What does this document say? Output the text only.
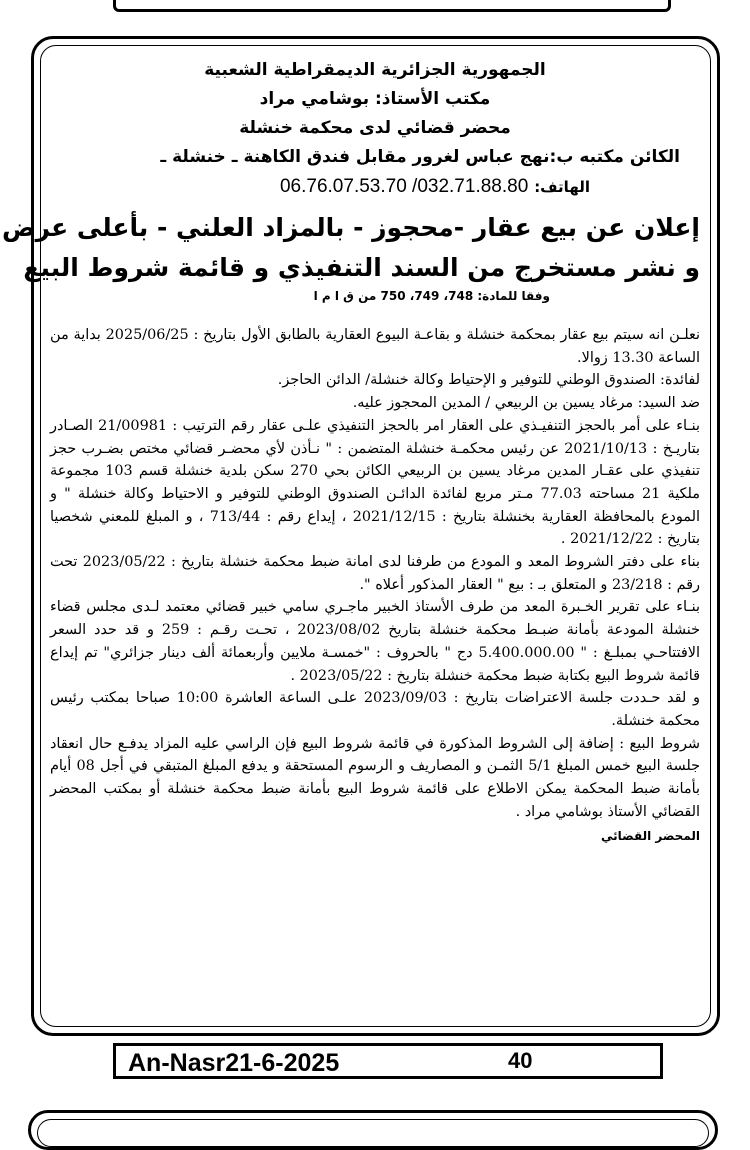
الجمهورية الجزائرية الديمقراطية الشعبية

مكتب الأستاذ: بوشامي مراد

محضر قضائي لدى محكمة خنشلة

الكائن مكتبه ب:نهج عباس لغرور مقابل فندق الكاهنة ـ خنشلة ـ

الهاتف: 06.76.07.53.70 /032.71.88.80

إعلان عن بيع عقار -محجوز - بالمزاد العلني - بأعلى عرض

و نشر مستخرج من السند التنفيذي و قائمة شروط البيع

وفقا للمادة: 748، 749، 750 من ق ا م ا

نعلـن انه سيتم بيع عقار بمحكمة خنشلة و بقاعـة البيوع العقارية بالطابق الأول بتاريخ : 2025/06/25 بداية من الساعة 13.30 زوالا.

لفائدة: الصندوق الوطني للتوفير و الإحتياط وكالة خنشلة/ الدائن الحاجز.

ضد السيد: مرغاد يسين بن الربيعي / المدين المحجوز عليه.

بنـاء على أمر بالحجز التنفيـذي على العقار امر بالحجز التنفيذي علـى عقار رقم الترتيب : 21/00981 الصـادر بتاريـخ : 2021/10/13 عن رئيس محكمـة خنشلة المتضمن : " نـأذن لأي محضـر قضائي مختص بضـرب حجز تنفيذي على عقـار المدين مرغاد يسين بن الربيعي الكائن بحي 270 سكن بلدية خنشلة قسم 103 مجموعة ملكية 21 مساحته 77.03 مـتر مربع لفائدة الدائـن الصندوق الوطني للتوفير و الاحتياط وكالة خنشلة " و المودع بالمحافظة العقارية بخنشلة بتاريخ : 2021/12/15 ، إيداع رقم : 713/44 ، و المبلغ للمعني شخصيا بتاريخ : 2021/12/22 .

بناء على دفتر الشروط المعد و المودع من طرفنا لدى امانة ضبط محكمة خنشلة بتاريخ : 2023/05/22 تحت رقم : 23/218 و المتعلق بـ : بيع " العقار المذكور أعلاه ".

بنـاء على تقرير الخـبرة المعد من طرف الأستاذ الخبير ماجـري سامي خبير قضائي معتمد لـدى مجلس قضاء خنشلة المودعة بأمانة ضبـط محكمة خنشلة بتاريخ 2023/08/02 ، تحـت رقـم : 259 و قد حدد السعر الافتتاحـي بمبلـغ : " 5.400.000.00 دج " بالحروف : "خمسـة ملايين وأربعمائة ألف دينار جزائري" تم إيداع قائمة شروط البيع بكتابة ضبط محكمة خنشلة بتاريخ : 2023/05/22 .

و لقد حـددت جلسة الاعتراضات بتاريخ : 2023/09/03 علـى الساعة العاشرة 10:00 صباحا بمكتب رئيس محكمة خنشلة.

شروط البيع : إضافة إلى الشروط المذكورة في قائمة شروط البيع فإن الراسي عليه المزاد يدفـع حال انعقاد جلسة البيع خمس المبلغ 5/1 الثمـن و المصاريف و الرسوم المستحقة و يدفع المبلغ المتبقي في أجل 08 أيام بأمانة ضبط المحكمة يمكن الاطلاع على قائمة شروط البيع بأمانة ضبط محكمة خنشلة أو بمكتب المحضر القضائي الأستاذ بوشامي مراد .

المحضر القضائي
An-Nasr21-6-2025	40
